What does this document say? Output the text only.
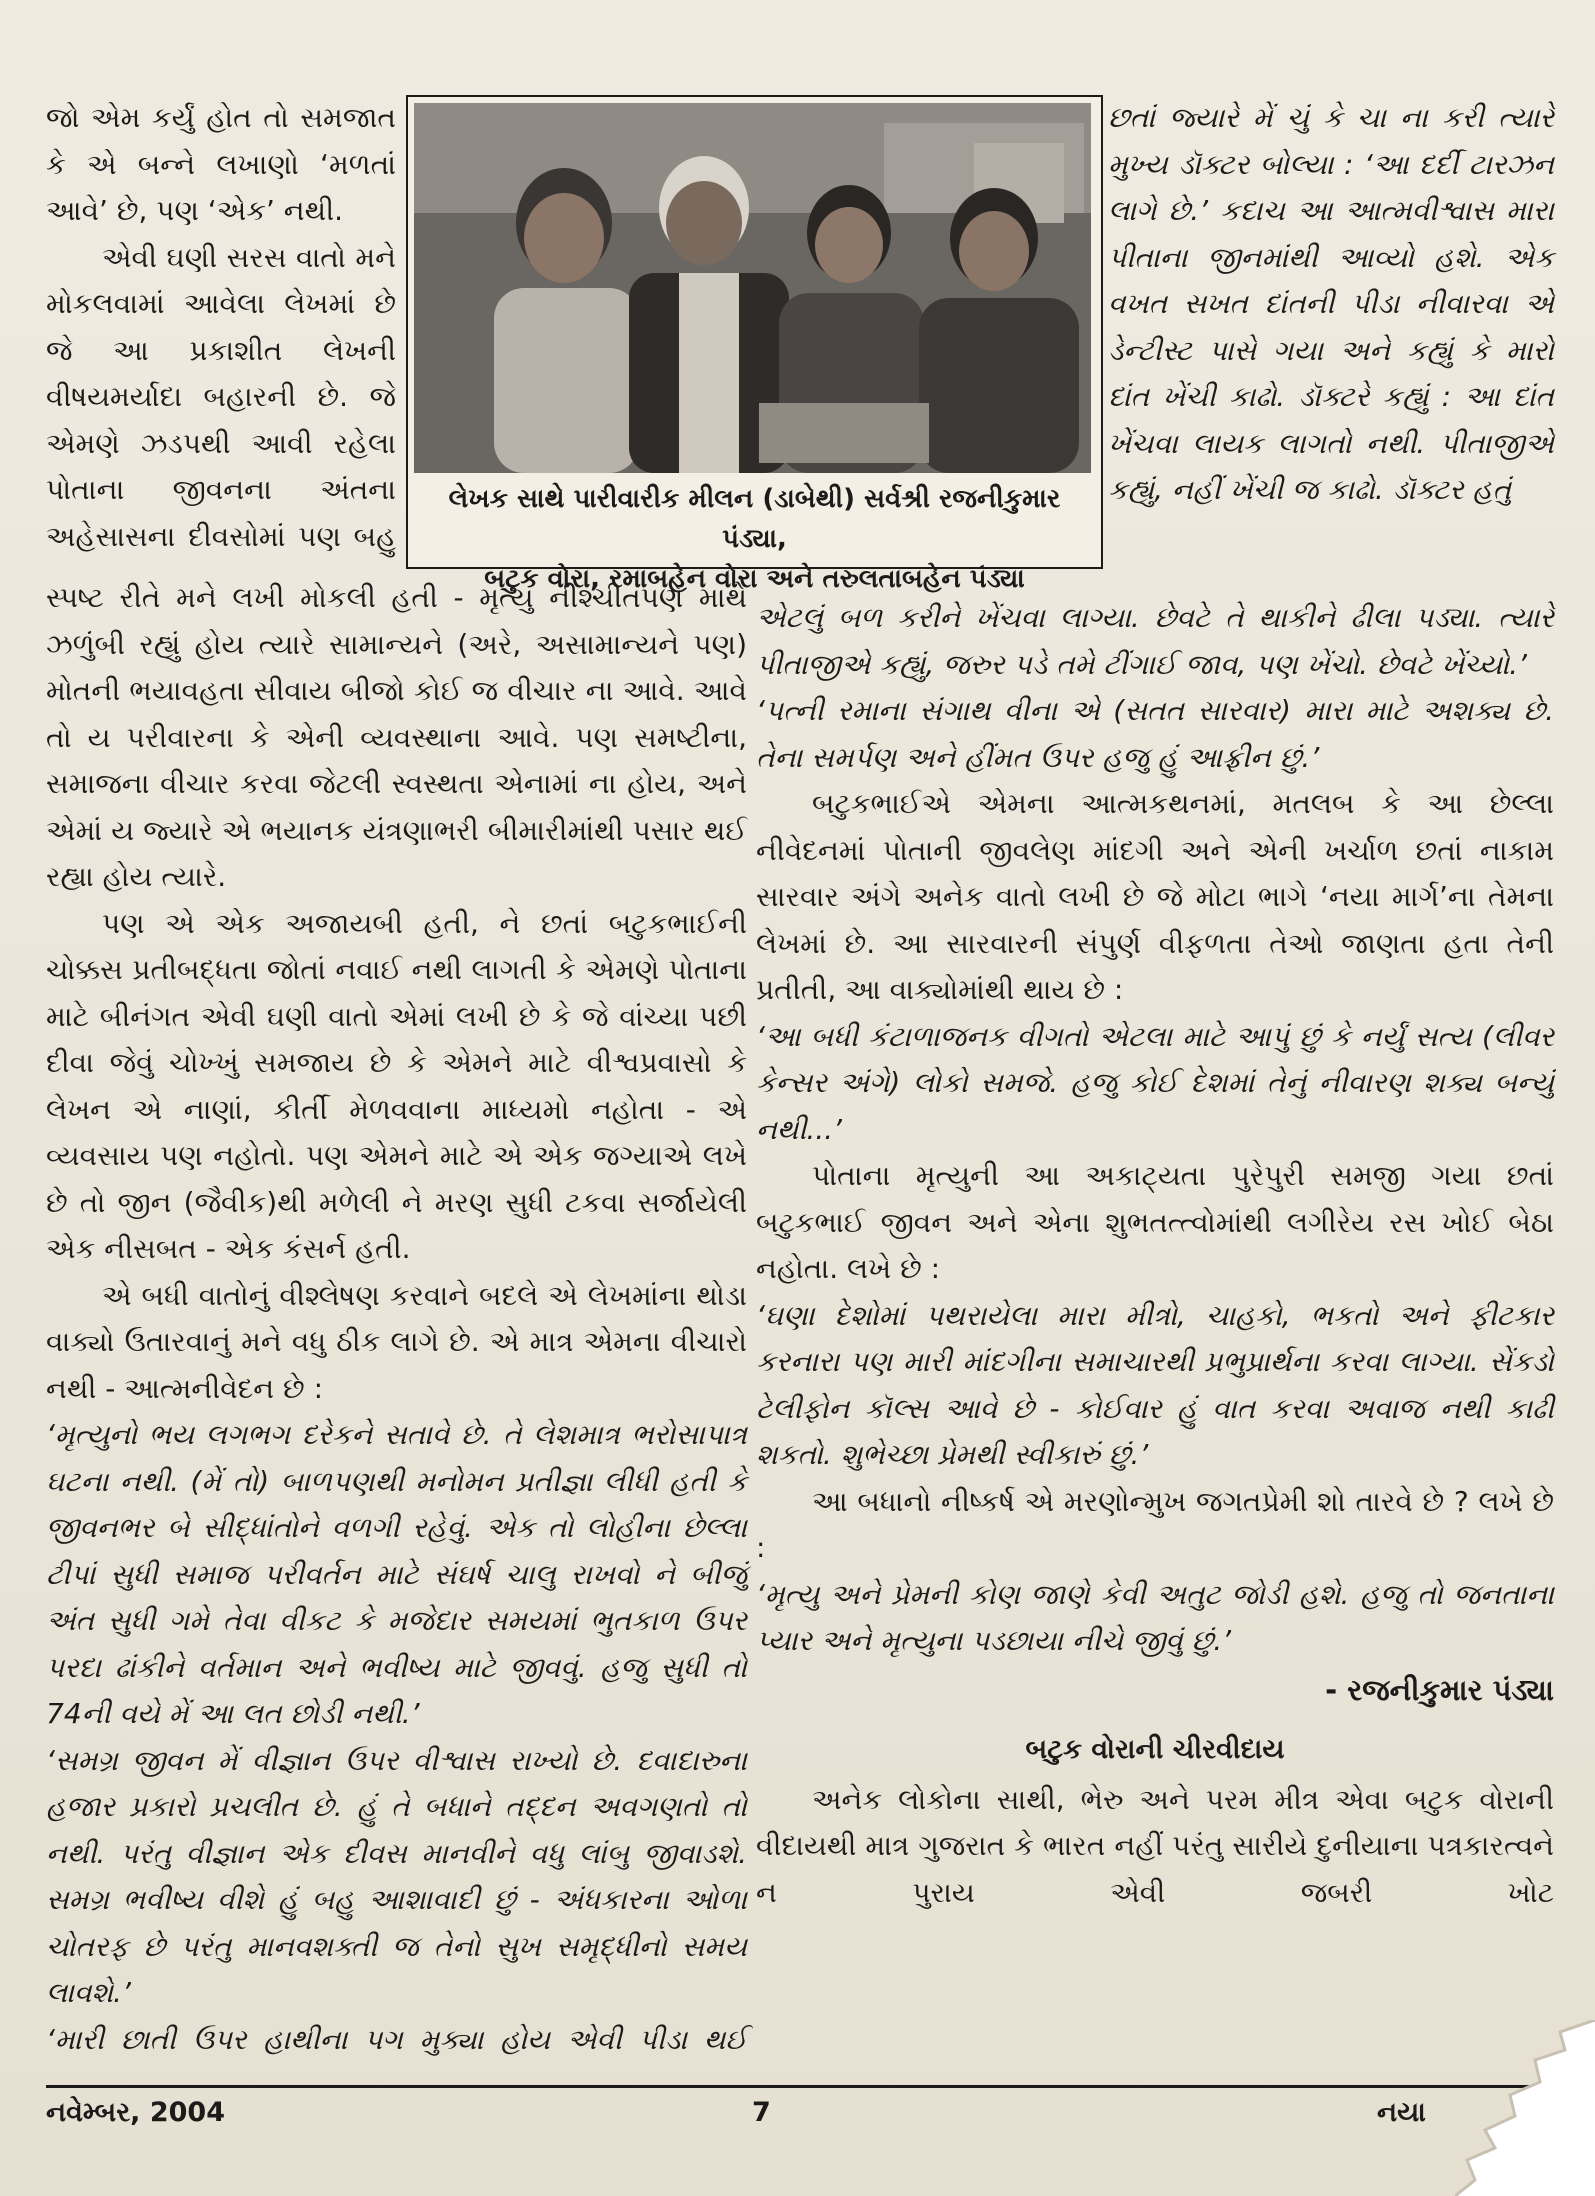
જો એમ કર્યું હોત તો સમજાત કે એ બન્ને લખાણો ‘મળતાં આવે’ છે, પણ ‘એક’ નથી.

એવી ઘણી સરસ વાતો મને મોકલવામાં આવેલા લેખમાં છે જે આ પ્રકાશીત લેખની વીષયમર્યાદા બહારની છે. જે એમણે ઝડપથી આવી રહેલા પોતાના જીવનના અંતના અહેસાસના દીવસોમાં પણ બહુ

લેખક સાથે પારીવારીક મીલન (ડાબેથી) સર્વશ્રી રજનીકુમાર પંડ્યા,
બટુક વોરા, રમાબહેન વોરા અને તરુલતાબહેન પંડ્યા

છતાં જ્યારે મેં ચું કે ચા ના કરી ત્યારે મુખ્ય ડૉક્ટર બોલ્યા : ‘આ દર્દી ટારઝન લાગે છે.’ કદાચ આ આત્મવીશ્વાસ મારા પીતાના જીનમાંથી આવ્યો હશે. એક વખત સખત દાંતની પીડા નીવારવા એ ડેન્ટીસ્ટ પાસે ગયા અને કહ્યું કે મારો દાંત ખેંચી કાઢો. ડૉક્ટરે કહ્યું : આ દાંત ખેંચવા લાયક લાગતો નથી. પીતાજીએ કહ્યું, નહીં ખેંચી જ કાઢો. ડૉક્ટર હતું

સ્પષ્ટ રીતે મને લખી મોકલી હતી - મૃત્યુ નીશ્ચીતપણે માથે ઝળુંબી રહ્યું હોય ત્યારે સામાન્યને (અરે, અસામાન્યને પણ) મોતની ભયાવહતા સીવાય બીજો કોઈ જ વીચાર ના આવે. આવે તો ય પરીવારના કે એની વ્યવસ્થાના આવે. પણ સમષ્ટીના, સમાજના વીચાર કરવા જેટલી સ્વસ્થતા એનામાં ના હોય, અને એમાં ય જ્યારે એ ભયાનક યંત્રણાભરી બીમારીમાંથી પસાર થઈ રહ્યા હોય ત્યારે.

પણ એ એક અજાયબી હતી, ને છતાં બટુકભાઈની ચોક્કસ પ્રતીબદ્ધતા જોતાં નવાઈ નથી લાગતી કે એમણે પોતાના માટે બીનંગત એવી ઘણી વાતો એમાં લખી છે કે જે વાંચ્યા પછી દીવા જેવું ચોખ્ખું સમજાય છે કે એમને માટે વીશ્વપ્રવાસો કે લેખન એ નાણાં, કીર્તી મેળવવાના માધ્યમો નહોતા - એ વ્યવસાય પણ નહોતો. પણ એમને માટે એ એક જગ્યાએ લખે છે તો જીન (જૈવીક)થી મળેલી ને મરણ સુધી ટકવા સર્જાયેલી એક નીસબત - એક કંસર્ન હતી.

એ બધી વાતોનું વીશ્લેષણ કરવાને બદલે એ લેખમાંના થોડા વાક્યો ઉતારવાનું મને વધુ ઠીક લાગે છે. એ માત્ર એમના વીચારો નથી - આત્મનીવેદન છે :

‘મૃત્યુનો ભય લગભગ દરેકને સતાવે છે. તે લેશમાત્ર ભરોસાપાત્ર ઘટના નથી. (મેં તો) બાળપણથી મનોમન પ્રતીજ્ઞા લીધી હતી કે જીવનભર બે સીદ્ધાંતોને વળગી રહેવું. એક તો લોહીના છેલ્લા ટીપાં સુધી સમાજ પરીવર્તન માટે સંઘર્ષ ચાલુ રાખવો ને બીજું અંત સુધી ગમે તેવા વીકટ કે મજેદાર સમયમાં ભુતકાળ ઉપર પરદા ઢાંકીને વર્તમાન અને ભવીષ્ય માટે જીવવું. હજુ સુધી તો 74ની વયે મેં આ લત છોડી નથી.’

‘સમગ્ર જીવન મેં વીજ્ઞાન ઉપર વીશ્વાસ રાખ્યો છે. દવાદારુના હજાર પ્રકારો પ્રચલીત છે. હું તે બધાને તદ્દન અવગણતો તો નથી. પરંતુ વીજ્ઞાન એક દીવસ માનવીને વધુ લાંબુ જીવાડશે. સમગ્ર ભવીષ્ય વીશે હું બહુ આશાવાદી છું - અંધકારના ઓળા ચોતરફ છે પરંતુ માનવશક્તી જ તેનો સુખ સમૃદ્ધીનો સમય લાવશે.’

‘મારી છાતી ઉપર હાથીના પગ મુક્યા હોય એવી પીડા થઈ

એટલું બળ કરીને ખેંચવા લાગ્યા. છેવટે તે થાકીને ઢીલા પડ્યા. ત્યારે પીતાજીએ કહ્યું, જરુર પડે તમે ટીંગાઈ જાવ, પણ ખેંચો. છેવટે ખેંચ્યો.’

‘પત્ની રમાના સંગાથ વીના એ (સતત સારવાર) મારા માટે અશક્ય છે. તેના સમર્પણ અને હીંમત ઉપર હજુ હું આફ્રીન છું.’

બટુકભાઈએ એમના આત્મકથનમાં, મતલબ કે આ છેલ્લા નીવેદનમાં પોતાની જીવલેણ માંદગી અને એની ખર્ચાળ છતાં નાકામ સારવાર અંગે અનેક વાતો લખી છે જે મોટા ભાગે ‘નયા માર્ગ’ના તેમના લેખમાં છે. આ સારવારની સંપુર્ણ વીફળતા તેઓ જાણતા હતા તેની પ્રતીતી, આ વાક્યોમાંથી થાય છે :

‘આ બધી કંટાળાજનક વીગતો એટલા માટે આપું છું કે નર્યું સત્ય (લીવર કેન્સર અંગે) લોકો સમજે. હજુ કોઈ દેશમાં તેનું નીવારણ શક્ય બન્યું નથી...’

પોતાના મૃત્યુની આ અકાટ્યતા પુરેપુરી સમજી ગયા છતાં બટુકભાઈ જીવન અને એના શુભતત્ત્વોમાંથી લગીરેય રસ ખોઈ બેઠા નહોતા. લખે છે :

‘ઘણા દેશોમાં પથરાયેલા મારા મીત્રો, ચાહકો, ભકતો અને ફીટકાર કરનારા પણ મારી માંદગીના સમાચારથી પ્રભુપ્રાર્થના કરવા લાગ્યા. સેંકડો ટેલીફોન કૉલ્સ આવે છે - કોઈવાર હું વાત કરવા અવાજ નથી કાઢી શકતો. શુભેચ્છા પ્રેમથી સ્વીકારું છું.’

આ બધાનો નીષ્કર્ષ એ મરણોન્મુખ જગતપ્રેમી શો તારવે છે ? લખે છે :

‘મૃત્યુ અને પ્રેમની કોણ જાણે કેવી અતુટ જોડી હશે. હજુ તો જનતાના પ્યાર અને મૃત્યુના પડછાયા નીચે જીવું છું.’

- રજનીકુમાર પંડ્યા
બટુક વોરાની ચીરવીદાય

અનેક લોકોના સાથી, ભેરુ અને પરમ મીત્ર એવા બટુક વોરાની વીદાયથી માત્ર ગુજરાત કે ભારત નહીં પરંતુ સારીયે દુનીયાના પત્રકારત્વને ન પુરાય એવી જબરી ખોટ

નવેમ્બર, 2004	7	નયા
